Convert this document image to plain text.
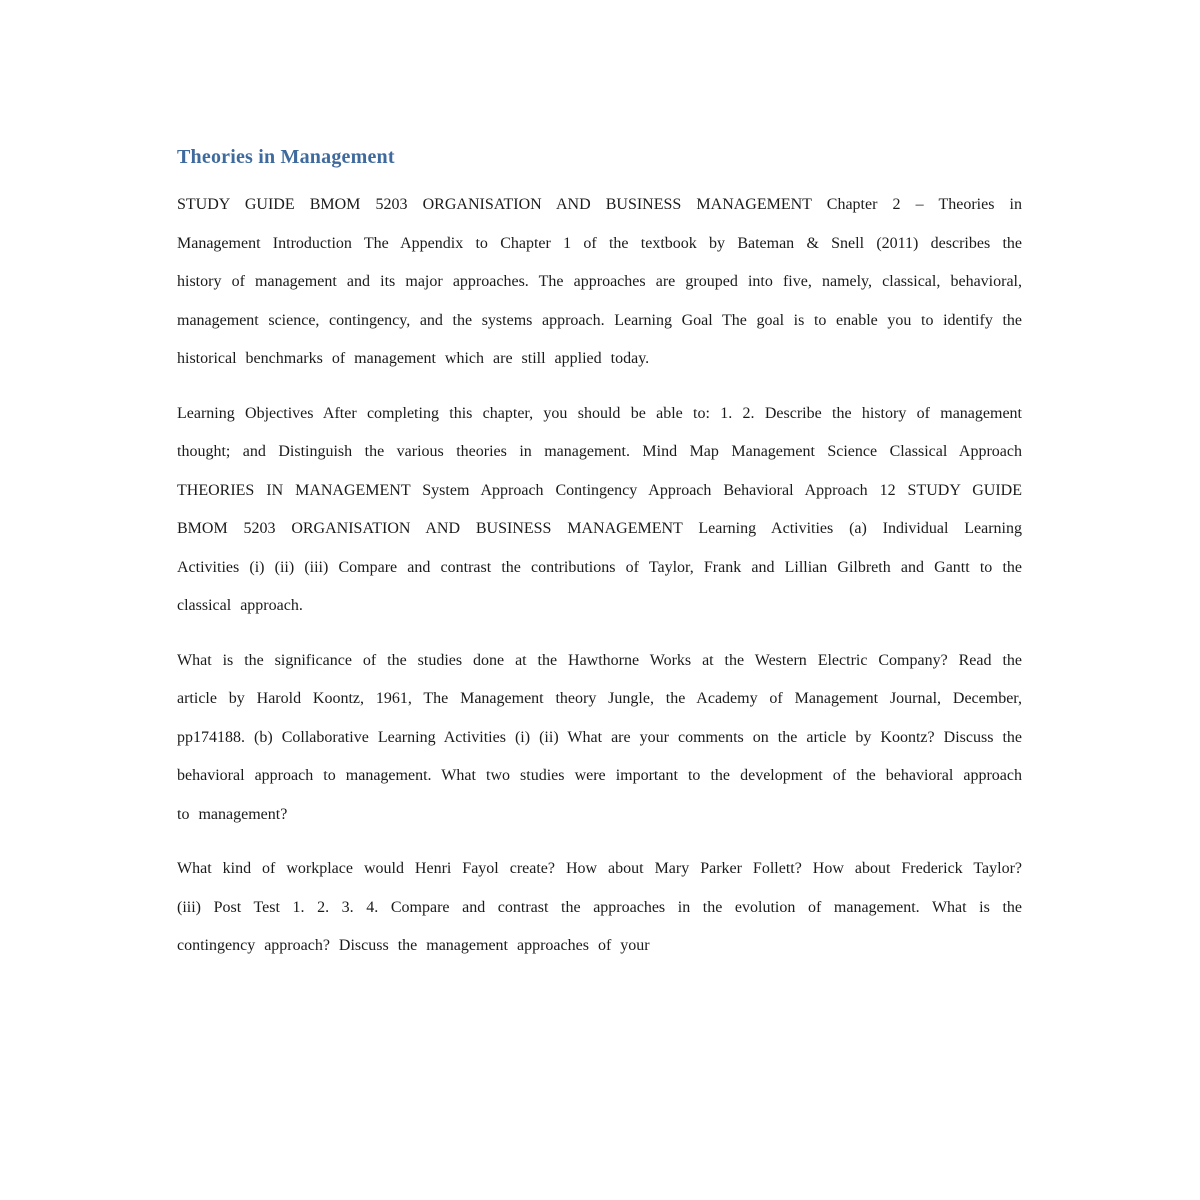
Theories in Management

STUDY GUIDE BMOM 5203 ORGANISATION AND BUSINESS MANAGEMENT Chapter 2 – Theories in Management Introduction The Appendix to Chapter 1 of the textbook by Bateman & Snell (2011) describes the history of management and its major approaches. The approaches are grouped into five, namely, classical, behavioral, management science, contingency, and the systems approach. Learning Goal The goal is to enable you to identify the historical benchmarks of management which are still applied today.

Learning Objectives After completing this chapter, you should be able to: 1. 2. Describe the history of management thought; and Distinguish the various theories in management. Mind Map Management Science Classical Approach THEORIES IN MANAGEMENT System Approach Contingency Approach Behavioral Approach 12 STUDY GUIDE BMOM 5203 ORGANISATION AND BUSINESS MANAGEMENT Learning Activities (a) Individual Learning Activities (i) (ii) (iii) Compare and contrast the contributions of Taylor, Frank and Lillian Gilbreth and Gantt to the classical approach.

What is the significance of the studies done at the Hawthorne Works at the Western Electric Company? Read the article by Harold Koontz, 1961, The Management theory Jungle, the Academy of Management Journal, December, pp174188. (b) Collaborative Learning Activities (i) (ii) What are your comments on the article by Koontz? Discuss the behavioral approach to management. What two studies were important to the development of the behavioral approach to management?

What kind of workplace would Henri Fayol create? How about Mary Parker Follett? How about Frederick Taylor? (iii) Post Test 1. 2. 3. 4. Compare and contrast the approaches in the evolution of management. What is the contingency approach? Discuss the management approaches of your
